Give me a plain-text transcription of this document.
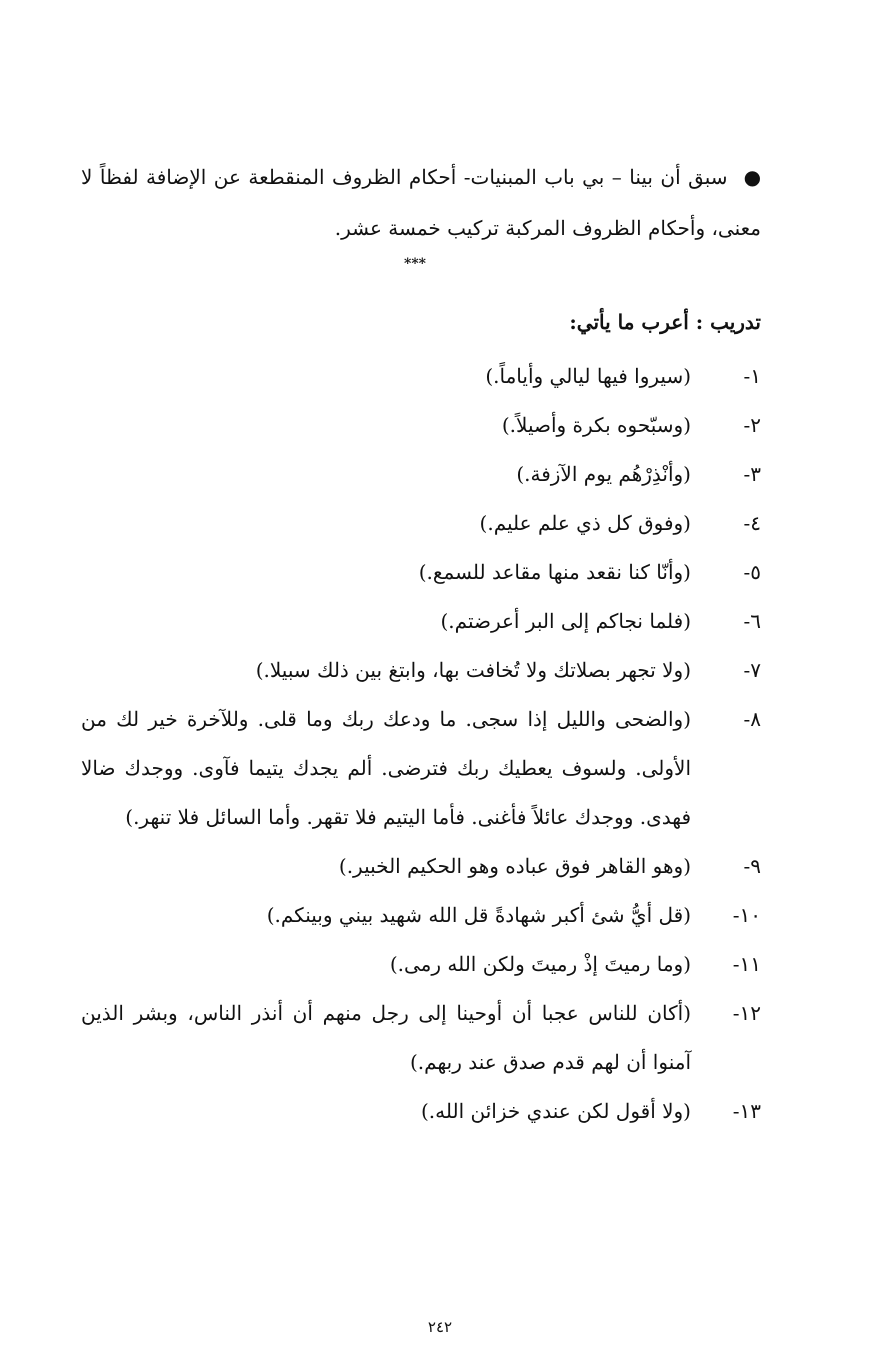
●سبق أن بينا – بي باب المبنيات- أحكام الظروف المنقطعة عن الإضافة لفظاً لا معنى، وأحكام الظروف المركبة تركيب خمسة عشر.
***
تدريب : أعرب ما يأتي:
١-
(سيروا فيها ليالي وأياماً.)
٢-
(وسبّحوه بكرة وأصيلاً.)
٣-
(وأنْذِرْهُم يوم الآزفة.)
٤-
(وفوق كل ذي علم عليم.)
٥-
(وأنّا كنا نقعد منها مقاعد للسمع.)
٦-
(فلما نجاكم إلى البر أعرضتم.)
٧-
(ولا تجهر بصلاتك ولا تُخافت بها، وابتغ بين ذلك سبيلا.)
٨-
(والضحى والليل إذا سجى. ما ودعك ربك وما قلى. وللآخرة خير لك من الأولى. ولسوف يعطيك ربك فترضى. ألم يجدك يتيما فآوى. ووجدك ضالا فهدى. ووجدك عائلاً فأغنى. فأما اليتيم فلا تقهر. وأما السائل فلا تنهر.)
٩-
(وهو القاهر فوق عباده وهو الحكيم الخبير.)
١٠-
(قل أيُّ شئ أكبر شهادةً قل الله شهيد بيني وبينكم.)
١١-
(وما رميتَ إذْ رميتَ ولكن الله رمى.)
١٢-
(أكان للناس عجبا أن أوحينا إلى رجل منهم أن أنذر الناس، وبشر الذين آمنوا أن لهم قدم صدق عند ربهم.)
١٣-
(ولا أقول لكن عندي خزائن الله.)
٢٤٢
